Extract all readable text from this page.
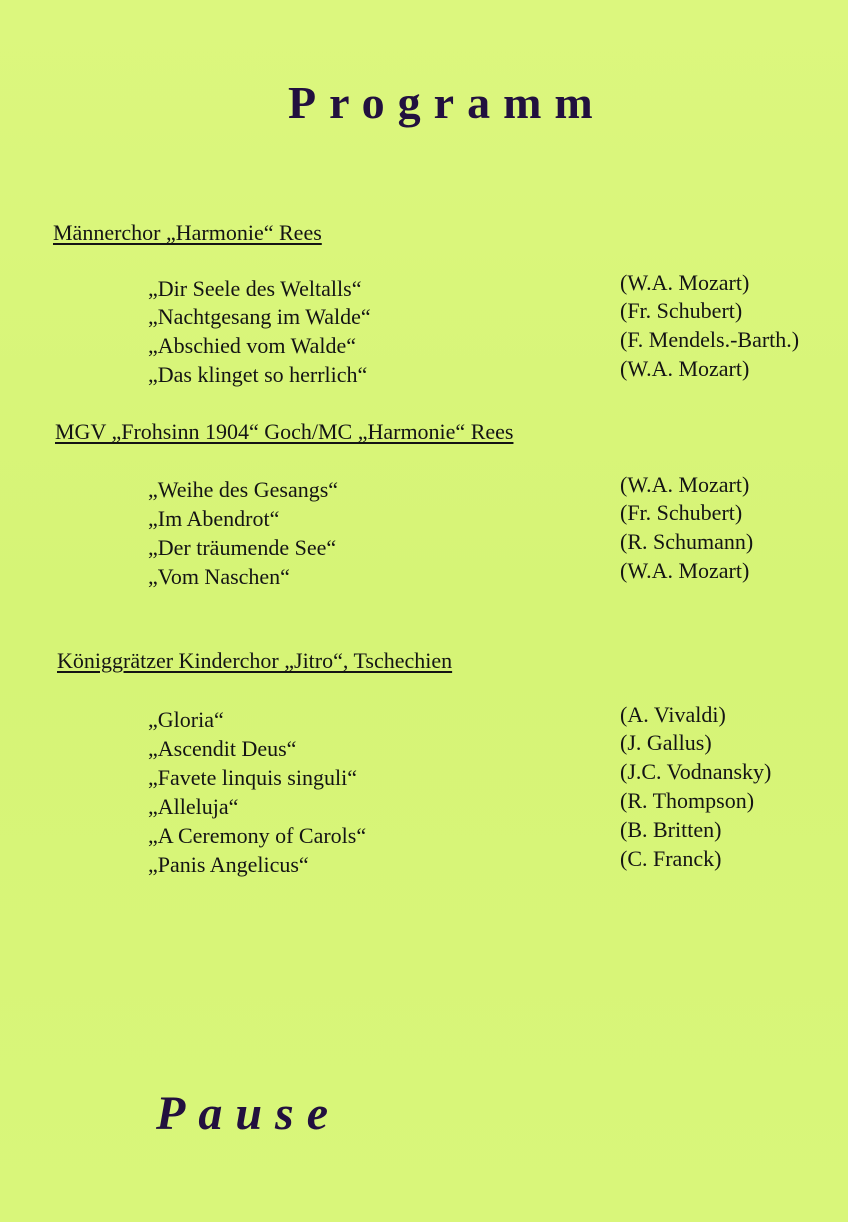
Programm
Männerchor „Harmonie“ Rees
„Dir Seele des Weltalls“	(W.A. Mozart)
„Nachtgesang im Walde“	(Fr. Schubert)
„Abschied vom Walde“	(F. Mendels.-Barth.)
„Das klinget so herrlich“	(W.A. Mozart)
MGV „Frohsinn 1904“ Goch/MC „Harmonie“ Rees
„Weihe des Gesangs“	(W.A. Mozart)
„Im Abendrot“	(Fr. Schubert)
„Der träumende See“	(R. Schumann)
„Vom Naschen“	(W.A. Mozart)
Königgrätzer Kinderchor „Jitro“, Tschechien
„Gloria“	(A. Vivaldi)
„Ascendit Deus“	(J. Gallus)
„Favete linquis singuli“	(J.C. Vodnansky)
„Alleluja“	(R. Thompson)
„A Ceremony of Carols“	(B. Britten)
„Panis Angelicus“	(C. Franck)
Pause
